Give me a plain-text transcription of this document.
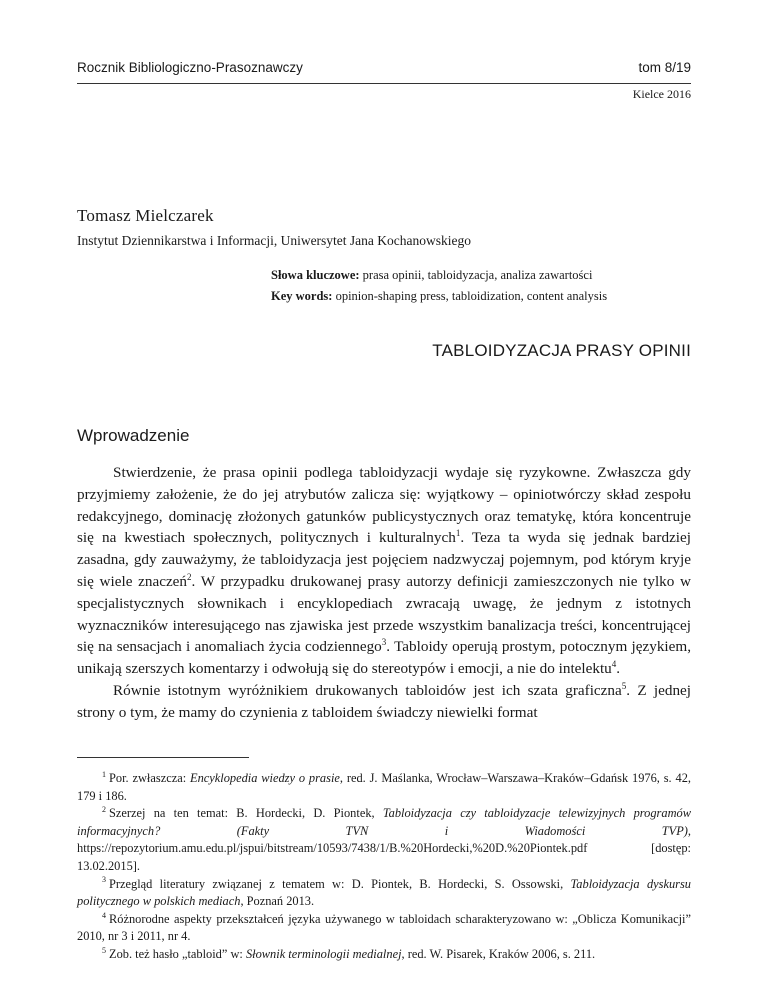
Rocznik Bibliologiczno-Prasoznawczy	tom 8/19
Kielce 2016
Tomasz Mielczarek
Instytut Dziennikarstwa i Informacji, Uniwersytet Jana Kochanowskiego
Słowa kluczowe: prasa opinii, tabloidyzacja, analiza zawartości
Key words: opinion-shaping press, tabloidization, content analysis
TABLOIDYZACJA PRASY OPINII
Wprowadzenie

Stwierdzenie, że prasa opinii podlega tabloidyzacji wydaje się ryzykowne. Zwłaszcza gdy przyjmiemy założenie, że do jej atrybutów zalicza się: wyjątkowy – opiniotwórczy skład zespołu redakcyjnego, dominację złożonych gatunków publicystycznych oraz tematykę, która koncentruje się na kwestiach społecznych, politycznych i kulturalnych$^1$. Teza ta wyda się jednak bardziej zasadna, gdy zauważymy, że tabloidyzacja jest pojęciem nadzwyczaj pojemnym, pod którym kryje się wiele znaczeń$^2$. W przypadku drukowanej prasy autorzy definicji zamieszczonych nie tylko w specjalistycznych słownikach i encyklopediach zwracają uwagę, że jednym z istotnych wyznaczników interesującego nas zjawiska jest przede wszystkim banalizacja treści, koncentrującej się na sensacjach i anomaliach życia codziennego$^3$. Tabloidy operują prostym, potocznym językiem, unikają szerszych komentarzy i odwołują się do stereotypów i emocji, a nie do intelektu$^4$.

Równie istotnym wyróżnikiem drukowanych tabloidów jest ich szata graficzna$^5$. Z jednej strony o tym, że mamy do czynienia z tabloidem świadczy niewielki format

$^1$ Por. zwłaszcza: Encyklopedia wiedzy o prasie, red. J. Maślanka, Wrocław–Warszawa–Kraków–Gdańsk 1976, s. 42, 179 i 186.

$^2$ Szerzej na ten temat: B. Hordecki, D. Piontek, Tabloidyzacja czy tabloidyzacje telewizyjnych programów informacyjnych? (Fakty TVN i Wiadomości TVP), https://repozytorium.amu.edu.pl/jspui/bitstream/10593/7438/1/B.%20Hordecki,%20D.%20Piontek.pdf [dostęp: 13.02.2015].

$^3$ Przegląd literatury związanej z tematem w: D. Piontek, B. Hordecki, S. Ossowski, Tabloidyzacja dyskursu politycznego w polskich mediach, Poznań 2013.

$^4$ Różnorodne aspekty przekształceń języka używanego w tabloidach scharakteryzowano w: „Oblicza Komunikacji” 2010, nr 3 i 2011, nr 4.

$^5$ Zob. też hasło „tabloid” w: Słownik terminologii medialnej, red. W. Pisarek, Kraków 2006, s. 211.
